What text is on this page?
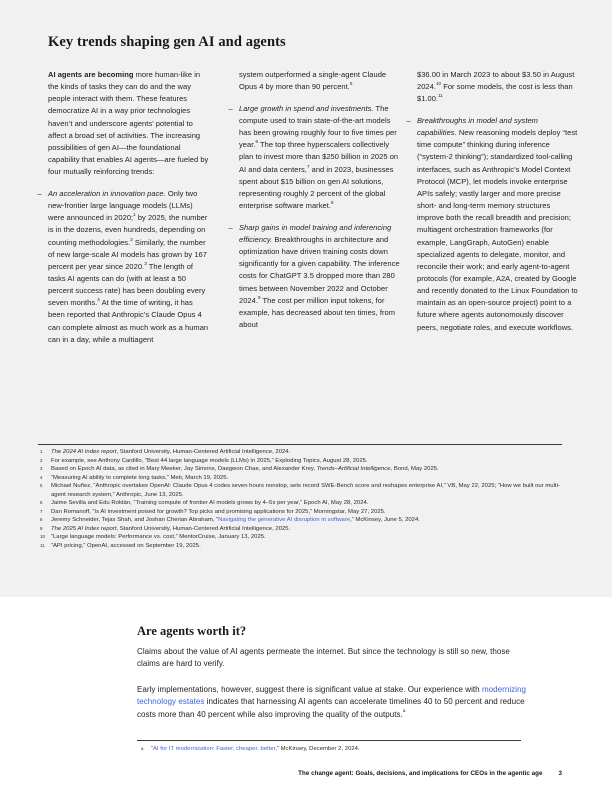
Key trends shaping gen AI and agents

AI agents are becoming more human-like in the kinds of tasks they can do and the way people interact with them. These features democratize AI in a way prior technologies haven’t and underscore agents’ potential to affect a broad set of activities. The increasing possibilities of gen AI—the foundational capability that enables AI agents—are fueled by four mutually reinforcing trends:

– An acceleration in innovation pace. Only two new-frontier large language models (LLMs) were announced in 2020;$^1$ by 2025, the number is in the dozens, even hundreds, depending on counting methodologies.$^2$ Similarly, the number of new large-scale AI models has grown by 167 percent per year since 2020.$^3$ The length of tasks AI agents can do (with at least a 50 percent success rate) has been doubling every seven months.$^4$ At the time of writing, it has been reported that Anthropic’s Claude Opus 4 can complete almost as much work as a human can in a day, while a multiagent

system outperformed a single-agent Claude Opus 4 by more than 90 percent.$^5$

– Large growth in spend and investments. The compute used to train state-of-the-art models has been growing roughly four to five times per year.$^6$ The top three hyperscalers collectively plan to invest more than $250 billion in 2025 on AI and data centers,$^7$ and in 2023, businesses spent about $15 billion on gen AI solutions, representing roughly 2 percent of the global enterprise software market.$^8$

– Sharp gains in model training and inferencing efficiency. Breakthroughs in architecture and optimization have driven training costs down significantly for a given capability. The inference costs for ChatGPT 3.5 dropped more than 280 times between November 2022 and October 2024.$^9$ The cost per million input tokens, for example, has decreased about ten times, from about

$36.00 in March 2023 to about $3.50 in August 2024.10 For some models, the cost is less than $1.00.11

– Breakthroughs in model and system capabilities. New reasoning models deploy “test time compute” thinking during inference (“system-2 thinking”); standardized tool-calling interfaces, such as Anthropic’s Model Context Protocol (MCP), let models invoke enterprise APIs safely; vastly larger and more precise short- and long-term memory structures improve both the recall breadth and precision; multiagent orchestration frameworks (for example, LangGraph, AutoGen) enable specialized agents to delegate, monitor, and reconcile their work; and early agent-to-agent protocols (for example, A2A, created by Google and recently donated to the Linux Foundation to maintain as an open-source project) point to a future where agents autonomously discover peers, negotiate roles, and execute workflows.

1	The 2024 AI Index report, Stanford University, Human-Centered Artificial Intelligence, 2024.
2	For example, see Anthony Cardillo, “Best 44 large language models (LLMs) in 2025,” Exploding Topics, August 28, 2025.
3	Based on Epoch AI data, as cited in Mary Meeker, Jay Simons, Daegwon Chae, and Alexander Krey, Trends–Artificial Intelligence, Bond, May 2025.
4	“Measuring AI ability to complete long tasks,” Metr, March 19, 2025.
5	Michael Nuñez, “Anthropic overtakes OpenAI: Claude Opus 4 codes seven hours nonstop, sets record SWE-Bench score and reshapes enterprise AI,” VB, May 22, 2025; “How we built our multi-agent research system,” Anthropic, June 13, 2025.
6	Jaime Sevilla and Edu Roldán, “Training compute of frontier AI models grows by 4–5x per year,” Epoch AI, May 28, 2024.
7	Dan Romanoff, “Is AI investment poised for growth? Top picks and promising applications for 2025,” Morningstar, May 27, 2025.
8	Jeremy Schneider, Tejas Shah, and Joshan Cherian Abraham, “Navigating the generative AI disruption in software,” McKinsey, June 5, 2024.
9	The 2025 AI Index report, Stanford University, Human-Centered Artificial Intelligence, 2025.
10	“Large language models: Performance vs. cost,” MentorCruise, January 13, 2025.
11	“API pricing,” OpenAI, accessed on September 19, 2025.
Are agents worth it?

Claims about the value of AI agents permeate the internet. But since the technology is still so new, those claims are hard to verify.

Early implementations, however, suggest there is significant value at stake. Our experience with modernizing technology estates indicates that harnessing AI agents can accelerate timelines 40 to 50 percent and reduce costs more than 40 percent while also improving the quality of the outputs.$^a$

a	“AI for IT modernization: Faster, cheaper, better,” McKinsey, December 2, 2024.
The change agent: Goals, decisions, and implications for CEOs in the agentic age	3
